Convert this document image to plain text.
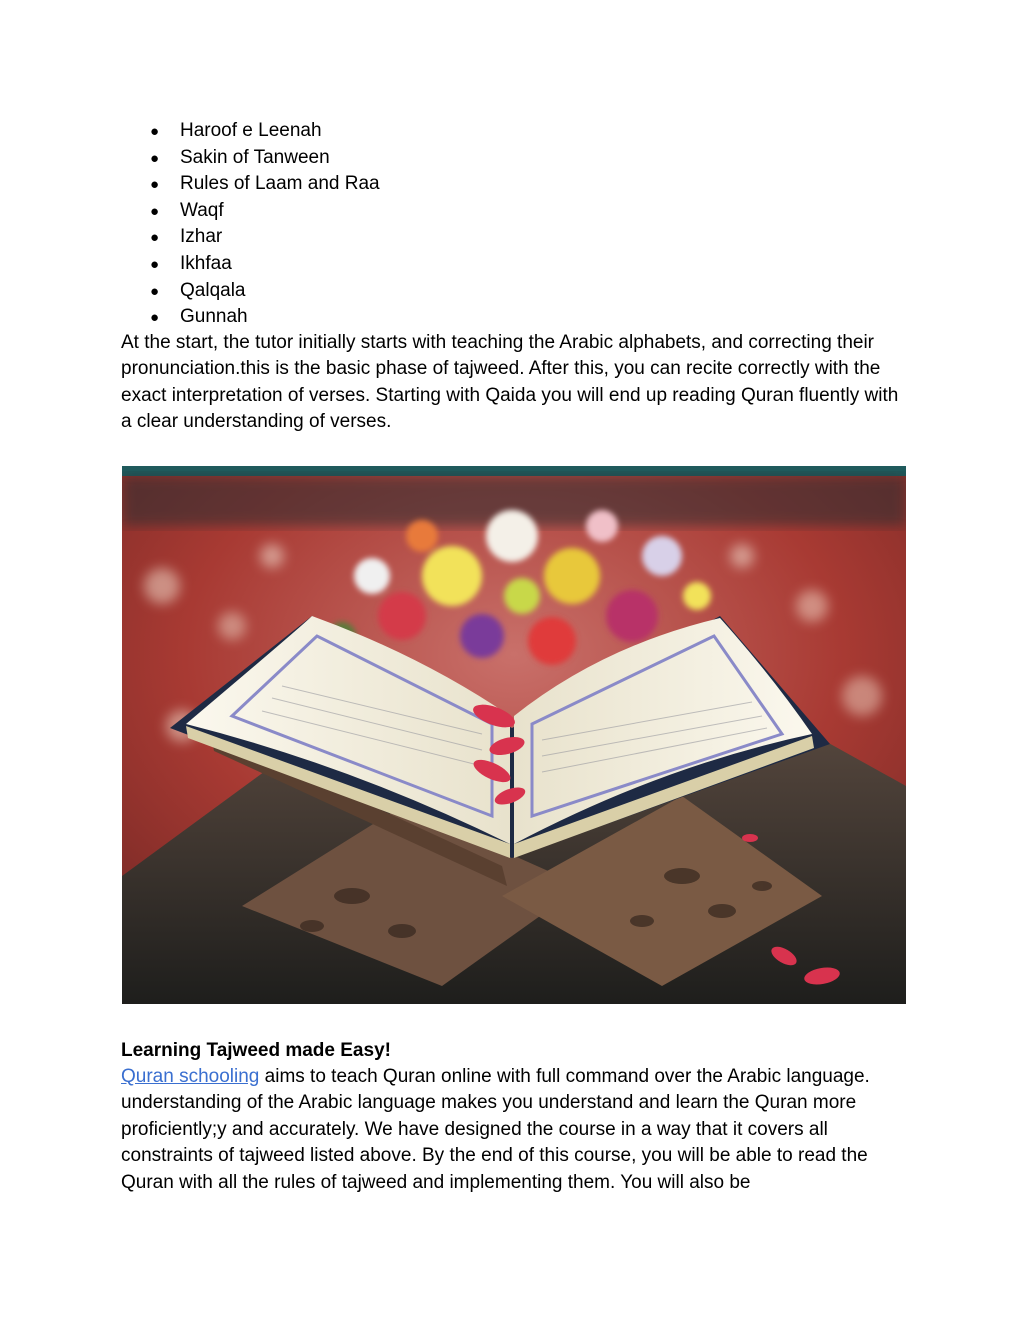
● Haroof e Leenah
● Sakin of Tanween
● Rules of Laam and Raa
● Waqf
● Izhar
● Ikhfaa
● Qalqala
● Gunnah

At the start, the tutor initially starts with teaching the Arabic alphabets, and correcting their pronunciation.this is the basic phase of tajweed. After this, you can recite correctly with the exact interpretation of verses. Starting with Qaida you will end up reading Quran fluently with a clear understanding of verses.

Learning Tajweed made Easy!

Quran schooling aims to teach Quran online with full command over the Arabic language. understanding of the Arabic language makes you understand and learn the Quran more proficiently;y and accurately. We have designed the course in a way that it covers all constraints of tajweed listed above. By the end of this course, you will be able to read the Quran with all the rules of tajweed and implementing them. You will also be
